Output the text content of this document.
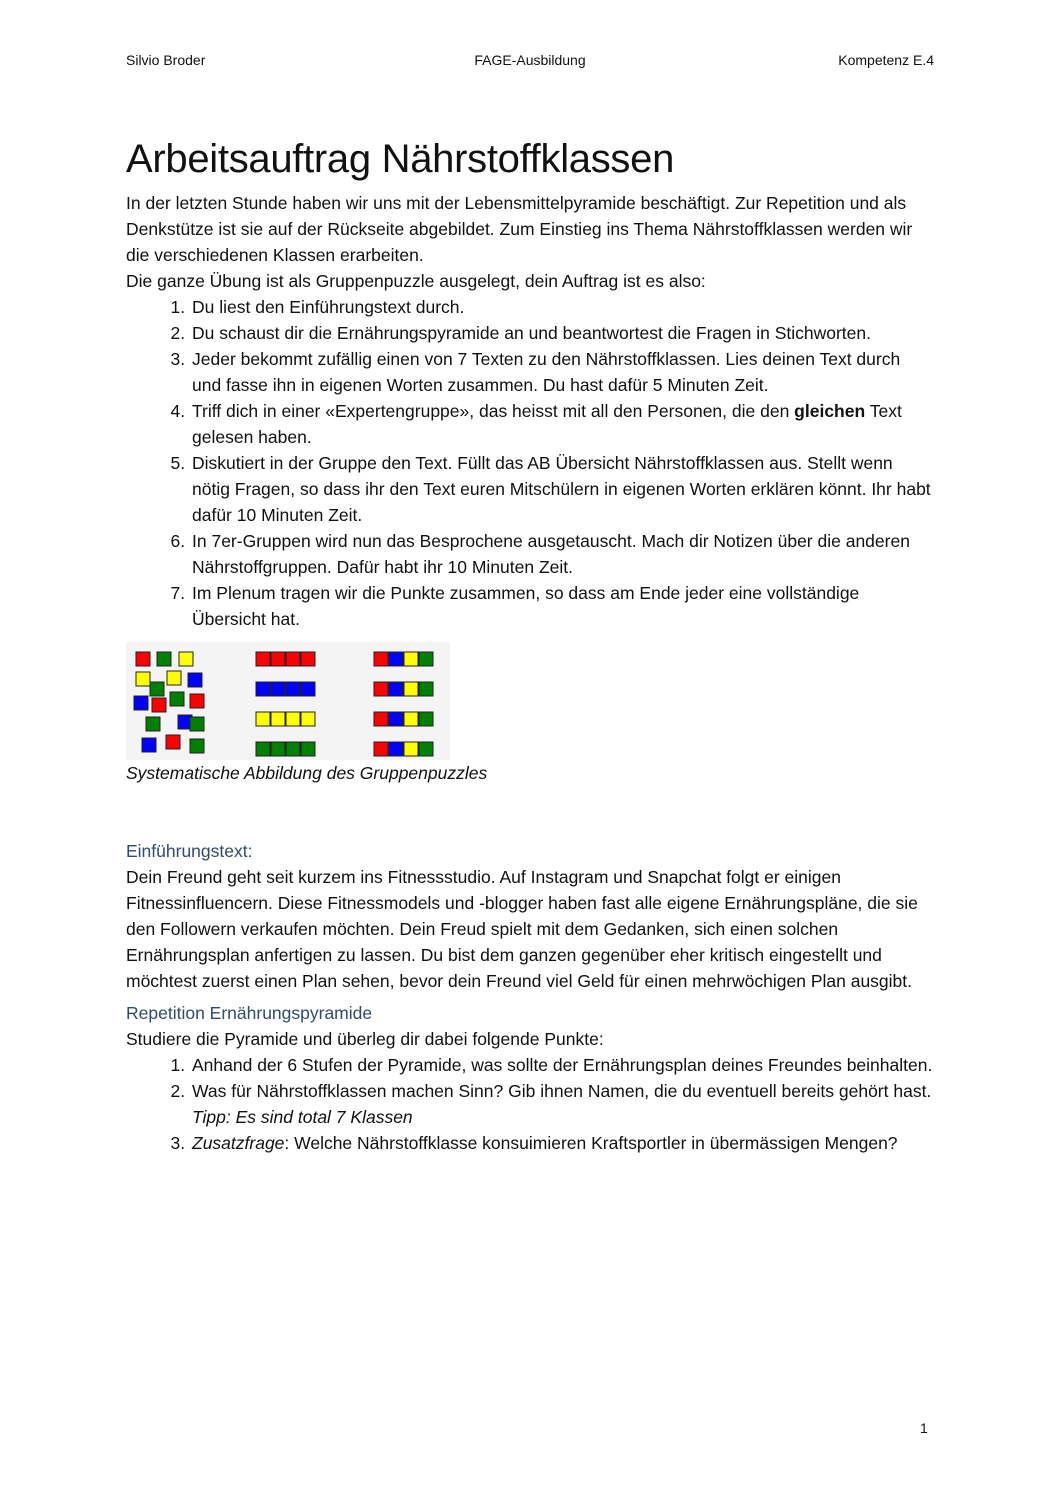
Silvio Broder	FAGE-Ausbildung	Kompetenz E.4
Arbeitsauftrag Nährstoffklassen

In der letzten Stunde haben wir uns mit der Lebensmittelpyramide beschäftigt. Zur Repetition und als Denkstütze ist sie auf der Rückseite abgebildet. Zum Einstieg ins Thema Nährstoffklassen werden wir die verschiedenen Klassen erarbeiten.

Die ganze Übung ist als Gruppenpuzzle ausgelegt, dein Auftrag ist es also:

1. Du liest den Einführungstext durch.
2. Du schaust dir die Ernährungspyramide an und beantwortest die Fragen in Stichworten.
3. Jeder bekommt zufällig einen von 7 Texten zu den Nährstoffklassen. Lies deinen Text durch und fasse ihn in eigenen Worten zusammen. Du hast dafür 5 Minuten Zeit.
4. Triff dich in einer «Expertengruppe», das heisst mit all den Personen, die den gleichen Text gelesen haben.
5. Diskutiert in der Gruppe den Text. Füllt das AB Übersicht Nährstoffklassen aus. Stellt wenn nötig Fragen, so dass ihr den Text euren Mitschülern in eigenen Worten erklären könnt. Ihr habt dafür 10 Minuten Zeit.
6. In 7er-Gruppen wird nun das Besprochene ausgetauscht. Mach dir Notizen über die anderen Nährstoffgruppen. Dafür habt ihr 10 Minuten Zeit.
7. Im Plenum tragen wir die Punkte zusammen, so dass am Ende jeder eine vollständige Übersicht hat.

Systematische Abbildung des Gruppenpuzzles

Einführungstext:

Dein Freund geht seit kurzem ins Fitnessstudio. Auf Instagram und Snapchat folgt er einigen Fitnessinfluencern. Diese Fitnessmodels und -blogger haben fast alle eigene Ernährungspläne, die sie den Followern verkaufen möchten. Dein Freud spielt mit dem Gedanken, sich einen solchen Ernährungsplan anfertigen zu lassen. Du bist dem ganzen gegenüber eher kritisch eingestellt und möchtest zuerst einen Plan sehen, bevor dein Freund viel Geld für einen mehrwöchigen Plan ausgibt.

Repetition Ernährungspyramide

Studiere die Pyramide und überleg dir dabei folgende Punkte:

1. Anhand der 6 Stufen der Pyramide, was sollte der Ernährungsplan deines Freundes beinhalten.
2. Was für Nährstoffklassen machen Sinn? Gib ihnen Namen, die du eventuell bereits gehört hast. Tipp: Es sind total 7 Klassen
3. Zusatzfrage: Welche Nährstoffklasse konsuimieren Kraftsportler in übermässigen Mengen?
1
